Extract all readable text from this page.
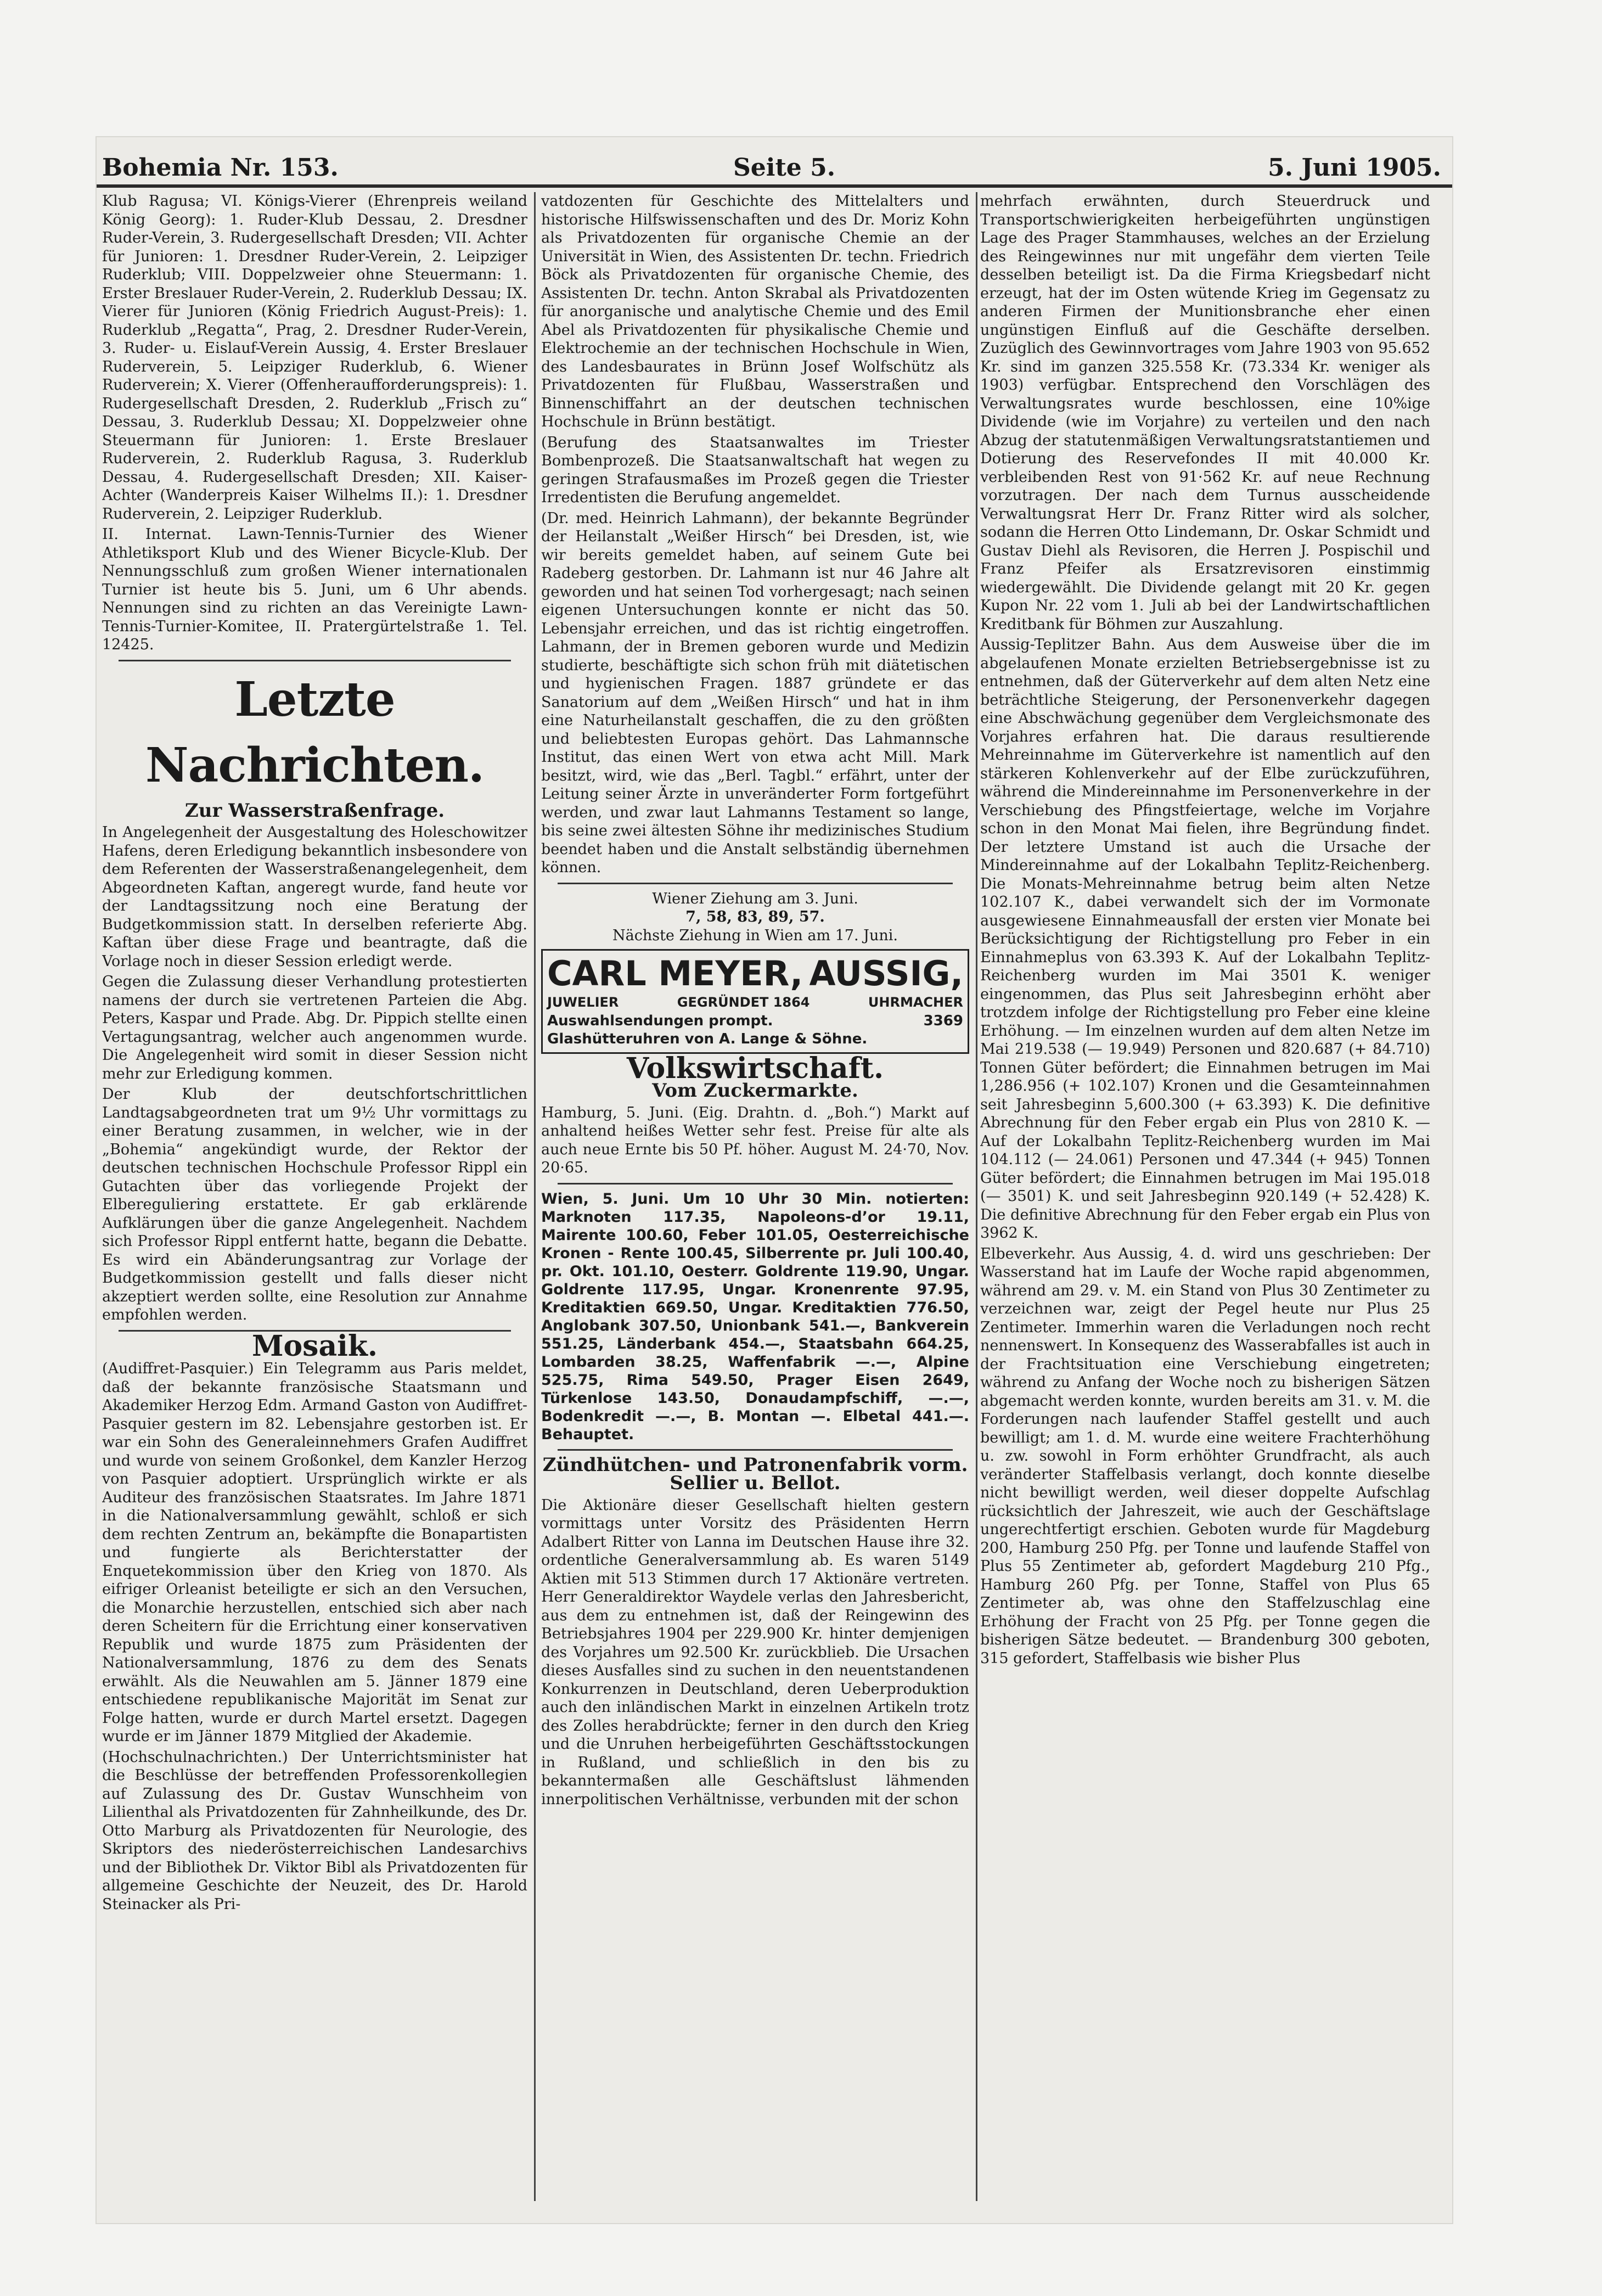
Bohemia Nr. 153.	Seite 5.	5. Juni 1905.

Klub Ragusa; VI. Königs-Vierer (Ehrenpreis weiland König Georg): 1. Ruder-Klub Dessau, 2. Dresdner Ruder-Verein, 3. Rudergesellschaft Dresden; VII. Achter für Junioren: 1. Dresdner Ruder-Verein, 2. Leipziger Ruderklub; VIII. Doppelzweier ohne Steuermann: 1. Erster Breslauer Ruder-Verein, 2. Ruderklub Dessau; IX. Vierer für Junioren (König Friedrich August-Preis): 1. Ruderklub „Regatta“, Prag, 2. Dresdner Ruder-Verein, 3. Ruder- u. Eislauf-Verein Aussig, 4. Erster Breslauer Ruderverein, 5. Leipziger Ruderklub, 6. Wiener Ruderverein; X. Vierer (Offenheraufforderungspreis): 1. Rudergesellschaft Dresden, 2. Ruderklub „Frisch zu“ Dessau, 3. Ruderklub Dessau; XI. Doppelzweier ohne Steuermann für Junioren: 1. Erste Breslauer Ruderverein, 2. Ruderklub Ragusa, 3. Ruderklub Dessau, 4. Rudergesellschaft Dresden; XII. Kaiser-Achter (Wanderpreis Kaiser Wilhelms II.): 1. Dresdner Ruderverein, 2. Leipziger Ruderklub.

II. Internat. Lawn-Tennis-Turnier des Wiener Athletiksport Klub und des Wiener Bicycle-Klub. Der Nennungsschluß zum großen Wiener internationalen Turnier ist heute bis 5. Juni, um 6 Uhr abends. Nennungen sind zu richten an das Vereinigte Lawn-Tennis-Turnier-Komitee, II. Pratergürtelstraße 1. Tel. 12425.

Letzte Nachrichten.
Zur Wasserstraßenfrage.

In Angelegenheit der Ausgestaltung des Holeschowitzer Hafens, deren Erledigung bekanntlich insbesondere von dem Referenten der Wasserstraßenangelegenheit, dem Abgeordneten Kaftan, angeregt wurde, fand heute vor der Landtagssitzung noch eine Beratung der Budgetkommission statt. In derselben referierte Abg. Kaftan über diese Frage und beantragte, daß die Vorlage noch in dieser Session erledigt werde.

Gegen die Zulassung dieser Verhandlung protestierten namens der durch sie vertretenen Parteien die Abg. Peters, Kaspar und Prade. Abg. Dr. Pippich stellte einen Vertagungsantrag, welcher auch angenommen wurde. Die Angelegenheit wird somit in dieser Session nicht mehr zur Erledigung kommen.

Der Klub der deutschfortschrittlichen Landtagsabgeordneten trat um 9½ Uhr vormittags zu einer Beratung zusammen, in welcher, wie in der „Bohemia“ angekündigt wurde, der Rektor der deutschen technischen Hochschule Professor Rippl ein Gutachten über das vorliegende Projekt der Elbereguliering erstattete. Er gab erklärende Aufklärungen über die ganze Angelegenheit. Nachdem sich Professor Rippl entfernt hatte, begann die Debatte. Es wird ein Abänderungsantrag zur Vorlage der Budgetkommission gestellt und falls dieser nicht akzeptiert werden sollte, eine Resolution zur Annahme empfohlen werden.

Mosaik.

(Audiffret-Pasquier.) Ein Telegramm aus Paris meldet, daß der bekannte französische Staatsmann und Akademiker Herzog Edm. Armand Gaston von Audiffret-Pasquier gestern im 82. Lebensjahre gestorben ist. Er war ein Sohn des Generaleinnehmers Grafen Audiffret und wurde von seinem Großonkel, dem Kanzler Herzog von Pasquier adoptiert. Ursprünglich wirkte er als Auditeur des französischen Staatsrates. Im Jahre 1871 in die Nationalversammlung gewählt, schloß er sich dem rechten Zentrum an, bekämpfte die Bonapartisten und fungierte als Berichterstatter der Enquetekommission über den Krieg von 1870. Als eifriger Orleanist beteiligte er sich an den Versuchen, die Monarchie herzustellen, entschied sich aber nach deren Scheitern für die Errichtung einer konservativen Republik und wurde 1875 zum Präsidenten der Nationalversammlung, 1876 zu dem des Senats erwählt. Als die Neuwahlen am 5. Jänner 1879 eine entschiedene republikanische Majorität im Senat zur Folge hatten, wurde er durch Martel ersetzt. Dagegen wurde er im Jänner 1879 Mitglied der Akademie.

(Hochschulnachrichten.) Der Unterrichtsminister hat die Beschlüsse der betreffenden Professorenkollegien auf Zulassung des Dr. Gustav Wunschheim von Lilienthal als Privatdozenten für Zahnheilkunde, des Dr. Otto Marburg als Privatdozenten für Neurologie, des Skriptors des niederösterreichischen Landesarchivs und der Bibliothek Dr. Viktor Bibl als Privatdozenten für allgemeine Geschichte der Neuzeit, des Dr. Harold Steinacker als Pri-

vatdozenten für Geschichte des Mittelalters und historische Hilfswissenschaften und des Dr. Moriz Kohn als Privatdozenten für organische Chemie an der Universität in Wien, des Assistenten Dr. techn. Friedrich Böck als Privatdozenten für organische Chemie, des Assistenten Dr. techn. Anton Skrabal als Privatdozenten für anorganische und analytische Chemie und des Emil Abel als Privatdozenten für physikalische Chemie und Elektrochemie an der technischen Hochschule in Wien, des Landesbaurates in Brünn Josef Wolfschütz als Privatdozenten für Flußbau, Wasserstraßen und Binnenschiffahrt an der deutschen technischen Hochschule in Brünn bestätigt.

(Berufung des Staatsanwaltes im Triester Bombenprozeß. Die Staatsanwaltschaft hat wegen zu geringen Strafausmaßes im Prozeß gegen die Triester Irredentisten die Berufung angemeldet.

(Dr. med. Heinrich Lahmann), der bekannte Begründer der Heilanstalt „Weißer Hirsch“ bei Dresden, ist, wie wir bereits gemeldet haben, auf seinem Gute bei Radeberg gestorben. Dr. Lahmann ist nur 46 Jahre alt geworden und hat seinen Tod vorhergesagt; nach seinen eigenen Untersuchungen konnte er nicht das 50. Lebensjahr erreichen, und das ist richtig eingetroffen. Lahmann, der in Bremen geboren wurde und Medizin studierte, beschäftigte sich schon früh mit diätetischen und hygienischen Fragen. 1887 gründete er das Sanatorium auf dem „Weißen Hirsch“ und hat in ihm eine Naturheilanstalt geschaffen, die zu den größten und beliebtesten Europas gehört. Das Lahmannsche Institut, das einen Wert von etwa acht Mill. Mark besitzt, wird, wie das „Berl. Tagbl.“ erfährt, unter der Leitung seiner Ärzte in unveränderter Form fortgeführt werden, und zwar laut Lahmanns Testament so lange, bis seine zwei ältesten Söhne ihr medizinisches Studium beendet haben und die Anstalt selbständig übernehmen können.

Wiener Ziehung am 3. Juni.
7, 58, 83, 89, 57.
Nächste Ziehung in Wien am 17. Juni.
CARL MEYER, AUSSIG,
JUWELIER	GEGRÜNDET 1864	UHRMACHER
Auswahlsendungen prompt.	3369
Glashütteruhren von A. Lange & Söhne.
Volkswirtschaft.
Vom Zuckermarkte.

Hamburg, 5. Juni. (Eig. Drahtn. d. „Boh.“) Markt auf anhaltend heißes Wetter sehr fest. Preise für alte als auch neue Ernte bis 50 Pf. höher. August M. 24·70, Nov. 20·65.

Wien, 5. Juni. Um 10 Uhr 30 Min. notierten: Marknoten 117.35, Napoleons-d’or 19.11, Mairente 100.60, Feber 101.05, Oesterreichische Kronen - Rente 100.45, Silberrente pr. Juli 100.40, pr. Okt. 101.10, Oesterr. Goldrente 119.90, Ungar. Goldrente 117.95, Ungar. Kronenrente 97.95, Kreditaktien 669.50, Ungar. Kreditaktien 776.50, Anglobank 307.50, Unionbank 541.—, Bankverein 551.25, Länderbank 454.—, Staatsbahn 664.25, Lombarden 38.25, Waffenfabrik —.—, Alpine 525.75, Rima 549.50, Prager Eisen 2649, Türkenlose 143.50, Donaudampfschiff, —.—, Bodenkredit —.—, B. Montan —. Elbetal 441.—. Behauptet.

Zündhütchen- und Patronenfabrik vorm. Sellier u. Bellot.

Die Aktionäre dieser Gesellschaft hielten gestern vormittags unter Vorsitz des Präsidenten Herrn Adalbert Ritter von Lanna im Deutschen Hause ihre 32. ordentliche Generalversammlung ab. Es waren 5149 Aktien mit 513 Stimmen durch 17 Aktionäre vertreten. Herr Generaldirektor Waydele verlas den Jahresbericht, aus dem zu entnehmen ist, daß der Reingewinn des Betriebsjahres 1904 per 229.900 Kr. hinter demjenigen des Vorjahres um 92.500 Kr. zurückblieb. Die Ursachen dieses Ausfalles sind zu suchen in den neuentstandenen Konkurrenzen in Deutschland, deren Ueberproduktion auch den inländischen Markt in einzelnen Artikeln trotz des Zolles herabdrückte; ferner in den durch den Krieg und die Unruhen herbeigeführten Geschäftsstockungen in Rußland, und schließlich in den bis zu bekanntermaßen alle Geschäftslust lähmenden innerpolitischen Verhältnisse, verbunden mit der schon

mehrfach erwähnten, durch Steuerdruck und Transportschwierigkeiten herbeigeführten ungünstigen Lage des Prager Stammhauses, welches an der Erzielung des Reingewinnes nur mit ungefähr dem vierten Teile desselben beteiligt ist. Da die Firma Kriegsbedarf nicht erzeugt, hat der im Osten wütende Krieg im Gegensatz zu anderen Firmen der Munitionsbranche eher einen ungünstigen Einfluß auf die Geschäfte derselben. Zuzüglich des Gewinnvortrages vom Jahre 1903 von 95.652 Kr. sind im ganzen 325.558 Kr. (73.334 Kr. weniger als 1903) verfügbar. Entsprechend den Vorschlägen des Verwaltungsrates wurde beschlossen, eine 10%ige Dividende (wie im Vorjahre) zu verteilen und den nach Abzug der statutenmäßigen Verwaltungsratstantiemen und Dotierung des Reservefondes II mit 40.000 Kr. verbleibenden Rest von 91·562 Kr. auf neue Rechnung vorzutragen. Der nach dem Turnus ausscheidende Verwaltungsrat Herr Dr. Franz Ritter wird als solcher, sodann die Herren Otto Lindemann, Dr. Oskar Schmidt und Gustav Diehl als Revisoren, die Herren J. Pospischil und Franz Pfeifer als Ersatzrevisoren einstimmig wiedergewählt. Die Dividende gelangt mit 20 Kr. gegen Kupon Nr. 22 vom 1. Juli ab bei der Landwirtschaftlichen Kreditbank für Böhmen zur Auszahlung.

Aussig-Teplitzer Bahn. Aus dem Ausweise über die im abgelaufenen Monate erzielten Betriebsergebnisse ist zu entnehmen, daß der Güterverkehr auf dem alten Netz eine beträchtliche Steigerung, der Personenverkehr dagegen eine Abschwächung gegenüber dem Vergleichsmonate des Vorjahres erfahren hat. Die daraus resultierende Mehreinnahme im Güterverkehre ist namentlich auf den stärkeren Kohlenverkehr auf der Elbe zurückzuführen, während die Mindereinnahme im Personenverkehre in der Verschiebung des Pfingstfeiertage, welche im Vorjahre schon in den Monat Mai fielen, ihre Begründung findet. Der letztere Umstand ist auch die Ursache der Mindereinnahme auf der Lokalbahn Teplitz-Reichenberg. Die Monats-Mehreinnahme betrug beim alten Netze 102.107 K., dabei verwandelt sich der im Vormonate ausgewiesene Einnahmeausfall der ersten vier Monate bei Berücksichtigung der Richtigstellung pro Feber in ein Einnahmeplus von 63.393 K. Auf der Lokalbahn Teplitz-Reichenberg wurden im Mai 3501 K. weniger eingenommen, das Plus seit Jahresbeginn erhöht aber trotzdem infolge der Richtigstellung pro Feber eine kleine Erhöhung. — Im einzelnen wurden auf dem alten Netze im Mai 219.538 (— 19.949) Personen und 820.687 (+ 84.710) Tonnen Güter befördert; die Einnahmen betrugen im Mai 1,286.956 (+ 102.107) Kronen und die Gesamteinnahmen seit Jahresbeginn 5,600.300 (+ 63.393) K. Die definitive Abrechnung für den Feber ergab ein Plus von 2810 K. — Auf der Lokalbahn Teplitz-Reichenberg wurden im Mai 104.112 (— 24.061) Personen und 47.344 (+ 945) Tonnen Güter befördert; die Einnahmen betrugen im Mai 195.018 (— 3501) K. und seit Jahresbeginn 920.149 (+ 52.428) K. Die definitive Abrechnung für den Feber ergab ein Plus von 3962 K.

Elbeverkehr. Aus Aussig, 4. d. wird uns geschrieben: Der Wasserstand hat im Laufe der Woche rapid abgenommen, während am 29. v. M. ein Stand von Plus 30 Zentimeter zu verzeichnen war, zeigt der Pegel heute nur Plus 25 Zentimeter. Immerhin waren die Verladungen noch recht nennenswert. In Konsequenz des Wasserabfalles ist auch in der Frachtsituation eine Verschiebung eingetreten; während zu Anfang der Woche noch zu bisherigen Sätzen abgemacht werden konnte, wurden bereits am 31. v. M. die Forderungen nach laufender Staffel gestellt und auch bewilligt; am 1. d. M. wurde eine weitere Frachterhöhung u. zw. sowohl in Form erhöhter Grundfracht, als auch veränderter Staffelbasis verlangt, doch konnte dieselbe nicht bewilligt werden, weil dieser doppelte Aufschlag rücksichtlich der Jahreszeit, wie auch der Geschäftslage ungerechtfertigt erschien. Geboten wurde für Magdeburg 200, Hamburg 250 Pfg. per Tonne und laufende Staffel von Plus 55 Zentimeter ab, gefordert Magdeburg 210 Pfg., Hamburg 260 Pfg. per Tonne, Staffel von Plus 65 Zentimeter ab, was ohne den Staffelzuschlag eine Erhöhung der Fracht von 25 Pfg. per Tonne gegen die bisherigen Sätze bedeutet. — Brandenburg 300 geboten, 315 gefordert, Staffelbasis wie bisher Plus
